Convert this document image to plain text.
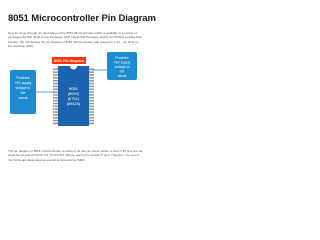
8051 Microcontroller Pin Diagram
Now let us go through pin description of the 8051 Microcontroller which is available in a variety of packages like DIP (Dual In-line Package), QFP (Quad Flat Package) and PLCC (Plastic Leaded Chip Carrier). We will discuss the pin diagram of 8051 Microcontroller with respect to a 40 – pin Dual In-line Package (DIP).
Provides
+5V supply
voltage to
the
circuit
Provides
+5V supply
voltage to
the
circuit
8051 Pin Diagram
8051
(8031)
(8751)
(89420)
The pin diagram of 8051 microcontroller consists of 40 pins as shown below. A total of 32 pins are set aside for the four Ports P0, P1, P2 and P3. Where, each port contains 8 pins. Therefore, the rest of the 8 pins are designated as special functional pins (SFR).
